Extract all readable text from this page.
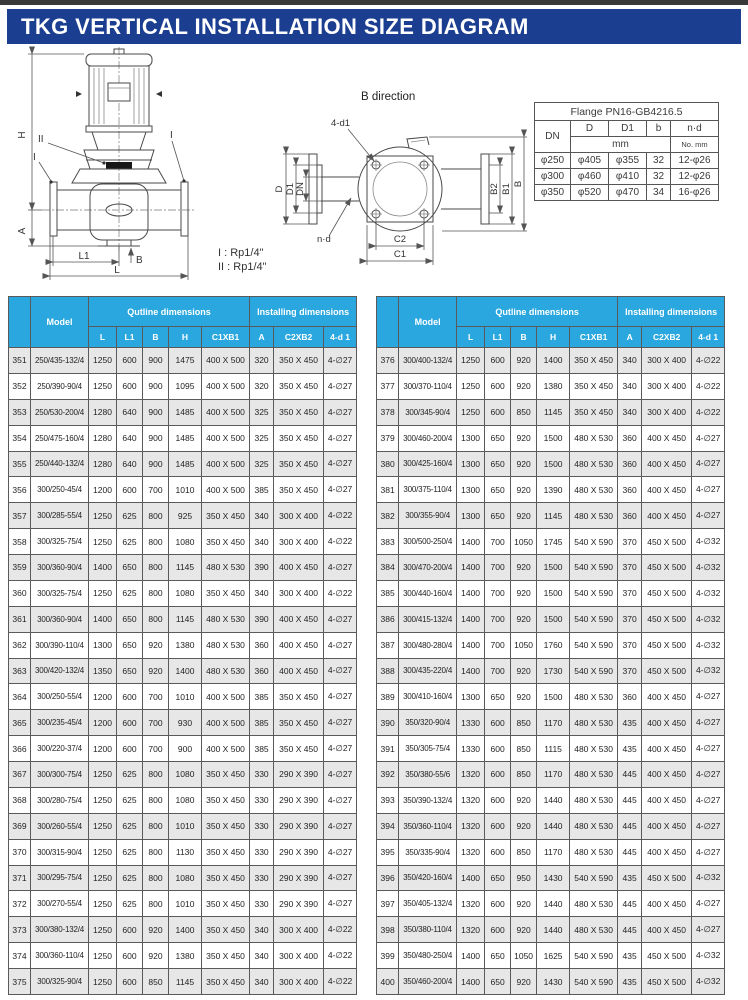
TKG VERTICAL INSTALLATION SIZE DIAGRAM
H
A
L1
L
B
II
I
I
B direction
D D1 DN	B2 B1 B
C2
C1
4-d1
n·d
I : Rp1/4"
II : Rp1/4"
Flange PN16-GB4216.5				
DN	D	D1	b	n·d
	mm			No. mm
φ250	φ405	φ355	32	12-φ26
φ300	φ460	φ410	32	12-φ26
φ350	φ520	φ470	34	16-φ26
	Model	Qutline dimensions					Installing dimensions		
		L	L1	B	H	C1XB1	A	C2XB2	4-d 1
351	250/435-132/4	1250	600	900	1475	400 X 500	320	350 X 450	4-∅27
352	250/390-90/4	1250	600	900	1095	400 X 500	320	350 X 450	4-∅27
353	250/530-200/4	1280	640	900	1485	400 X 500	325	350 X 450	4-∅27
354	250/475-160/4	1280	640	900	1485	400 X 500	325	350 X 450	4-∅27
355	250/440-132/4	1280	640	900	1485	400 X 500	325	350 X 450	4-∅27
356	300/250-45/4	1200	600	700	1010	400 X 500	385	350 X 450	4-∅27
357	300/285-55/4	1250	625	800	925	350 X 450	340	300 X 400	4-∅22
358	300/325-75/4	1250	625	800	1080	350 X 450	340	300 X 400	4-∅22
359	300/360-90/4	1400	650	800	1145	480 X 530	390	400 X 450	4-∅27
360	300/325-75/4	1250	625	800	1080	350 X 450	340	300 X 400	4-∅22
361	300/360-90/4	1400	650	800	1145	480 X 530	390	400 X 450	4-∅27
362	300/390-110/4	1300	650	920	1380	480 X 530	360	400 X 450	4-∅27
363	300/420-132/4	1350	650	920	1400	480 X 530	360	400 X 450	4-∅27
364	300/250-55/4	1200	600	700	1010	400 X 500	385	350 X 450	4-∅27
365	300/235-45/4	1200	600	700	930	400 X 500	385	350 X 450	4-∅27
366	300/220-37/4	1200	600	700	900	400 X 500	385	350 X 450	4-∅27
367	300/300-75/4	1250	625	800	1080	350 X 450	330	290 X 390	4-∅27
368	300/280-75/4	1250	625	800	1080	350 X 450	330	290 X 390	4-∅27
369	300/260-55/4	1250	625	800	1010	350 X 450	330	290 X 390	4-∅27
370	300/315-90/4	1250	625	800	1130	350 X 450	330	290 X 390	4-∅27
371	300/295-75/4	1250	625	800	1080	350 X 450	330	290 X 390	4-∅27
372	300/270-55/4	1250	625	800	1010	350 X 450	330	290 X 390	4-∅27
373	300/380-132/4	1250	600	920	1400	350 X 450	340	300 X 400	4-∅22
374	300/360-110/4	1250	600	920	1380	350 X 450	340	300 X 400	4-∅22
375	300/325-90/4	1250	600	850	1145	350 X 450	340	300 X 400	4-∅22
	Model	Qutline dimensions					Installing dimensions		
		L	L1	B	H	C1XB1	A	C2XB2	4-d 1
376	300/400-132/4	1250	600	920	1400	350 X 450	340	300 X 400	4-∅22
377	300/370-110/4	1250	600	920	1380	350 X 450	340	300 X 400	4-∅22
378	300/345-90/4	1250	600	850	1145	350 X 450	340	300 X 400	4-∅22
379	300/460-200/4	1300	650	920	1500	480 X 530	360	400 X 450	4-∅27
380	300/425-160/4	1300	650	920	1500	480 X 530	360	400 X 450	4-∅27
381	300/375-110/4	1300	650	920	1390	480 X 530	360	400 X 450	4-∅27
382	300/355-90/4	1300	650	920	1145	480 X 530	360	400 X 450	4-∅27
383	300/500-250/4	1400	700	1050	1745	540 X 590	370	450 X 500	4-∅32
384	300/470-200/4	1400	700	920	1500	540 X 590	370	450 X 500	4-∅32
385	300/440-160/4	1400	700	920	1500	540 X 590	370	450 X 500	4-∅32
386	300/415-132/4	1400	700	920	1500	540 X 590	370	450 X 500	4-∅32
387	300/480-280/4	1400	700	1050	1760	540 X 590	370	450 X 500	4-∅32
388	300/435-220/4	1400	700	920	1730	540 X 590	370	450 X 500	4-∅32
389	300/410-160/4	1300	650	920	1500	480 X 530	360	400 X 450	4-∅27
390	350/320-90/4	1330	600	850	1170	480 X 530	435	400 X 450	4-∅27
391	350/305-75/4	1330	600	850	1115	480 X 530	435	400 X 450	4-∅27
392	350/380-55/6	1320	600	850	1170	480 X 530	445	400 X 450	4-∅27
393	350/390-132/4	1320	600	920	1440	480 X 530	445	400 X 450	4-∅27
394	350/360-110/4	1320	600	920	1440	480 X 530	445	400 X 450	4-∅27
395	350/335-90/4	1320	600	850	1170	480 X 530	445	400 X 450	4-∅27
396	350/420-160/4	1400	650	950	1430	540 X 590	435	450 X 500	4-∅32
397	350/405-132/4	1320	600	920	1440	480 X 530	445	400 X 450	4-∅27
398	350/380-110/4	1320	600	920	1440	480 X 530	445	400 X 450	4-∅27
399	350/480-250/4	1400	650	1050	1625	540 X 590	435	450 X 500	4-∅32
400	350/460-200/4	1400	650	920	1430	540 X 590	435	450 X 500	4-∅32
